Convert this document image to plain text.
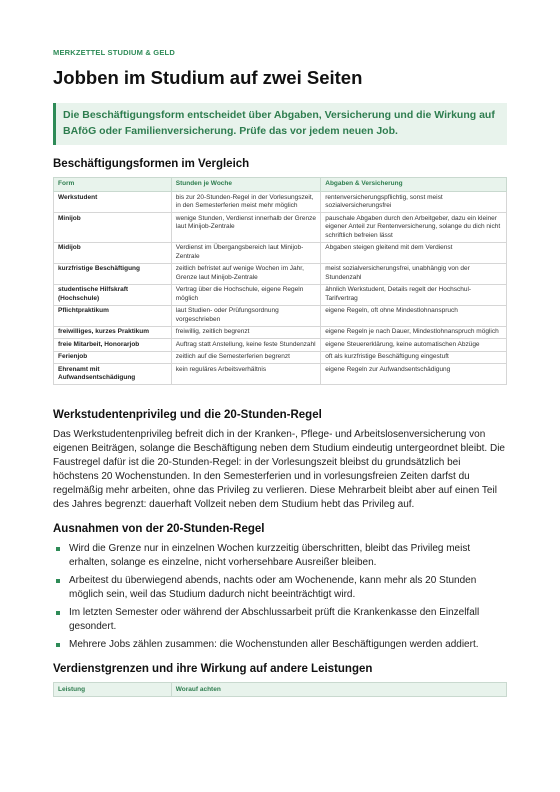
MERKZETTEL STUDIUM & GELD
Jobben im Studium auf zwei Seiten
Die Beschäftigungsform entscheidet über Abgaben, Versicherung und die Wirkung auf BAföG oder Familienversicherung. Prüfe das vor jedem neuen Job.
Beschäftigungsformen im Vergleich
Form	Stunden je Woche	Abgaben & Versicherung
Werkstudent	bis zur 20-Stunden-Regel in der Vorlesungszeit, in den Semesterferien meist mehr möglich	rentenversicherungspflichtig, sonst meist sozialversicherungsfrei
Minijob	wenige Stunden, Verdienst innerhalb der Grenze laut Minijob-Zentrale	pauschale Abgaben durch den Arbeitgeber, dazu ein kleiner eigener Anteil zur Rentenversicherung, solange du dich nicht schriftlich befreien lässt
Midijob	Verdienst im Übergangsbereich laut Minijob-Zentrale	Abgaben steigen gleitend mit dem Verdienst
kurzfristige Beschäftigung	zeitlich befristet auf wenige Wochen im Jahr, Grenze laut Minijob-Zentrale	meist sozialversicherungsfrei, unabhängig von der Stundenzahl
studentische Hilfskraft (Hochschule)	Vertrag über die Hochschule, eigene Regeln möglich	ähnlich Werkstudent, Details regelt der Hochschul-Tarifvertrag
Pflichtpraktikum	laut Studien- oder Prüfungsordnung vorgeschrieben	eigene Regeln, oft ohne Mindestlohnanspruch
freiwilliges, kurzes Praktikum	freiwillig, zeitlich begrenzt	eigene Regeln je nach Dauer, Mindestlohnanspruch möglich
freie Mitarbeit, Honorarjob	Auftrag statt Anstellung, keine feste Stundenzahl	eigene Steuererklärung, keine automatischen Abzüge
Ferienjob	zeitlich auf die Semesterferien begrenzt	oft als kurzfristige Beschäftigung eingestuft
Ehrenamt mit Aufwandsentschädigung	kein reguläres Arbeitsverhältnis	eigene Regeln zur Aufwandsentschädigung
Werkstudentenprivileg und die 20-Stunden-Regel

Das Werkstudentenprivileg befreit dich in der Kranken-, Pflege- und Arbeitslosenversicherung von eigenen Beiträgen, solange die Beschäftigung neben dem Studium eindeutig untergeordnet bleibt. Die Faustregel dafür ist die 20-Stunden-Regel: in der Vorlesungszeit bleibst du grundsätzlich bei höchstens 20 Wochenstunden. In den Semesterferien und in vorlesungsfreien Zeiten darfst du regelmäßig mehr arbeiten, ohne das Privileg zu verlieren. Diese Mehrarbeit bleibt aber auf einen Teil des Jahres begrenzt: dauerhaft Vollzeit neben dem Studium hebt das Privileg auf.

Ausnahmen von der 20-Stunden-Regel
Wird die Grenze nur in einzelnen Wochen kurzzeitig überschritten, bleibt das Privileg meist erhalten, solange es einzelne, nicht vorhersehbare Ausreißer bleiben.
Arbeitest du überwiegend abends, nachts oder am Wochenende, kann mehr als 20 Stunden möglich sein, weil das Studium dadurch nicht beeinträchtigt wird.
Im letzten Semester oder während der Abschlussarbeit prüft die Krankenkasse den Einzelfall gesondert.
Mehrere Jobs zählen zusammen: die Wochenstunden aller Beschäftigungen werden addiert.
Verdienstgrenzen und ihre Wirkung auf andere Leistungen
Leistung	Worauf achten
